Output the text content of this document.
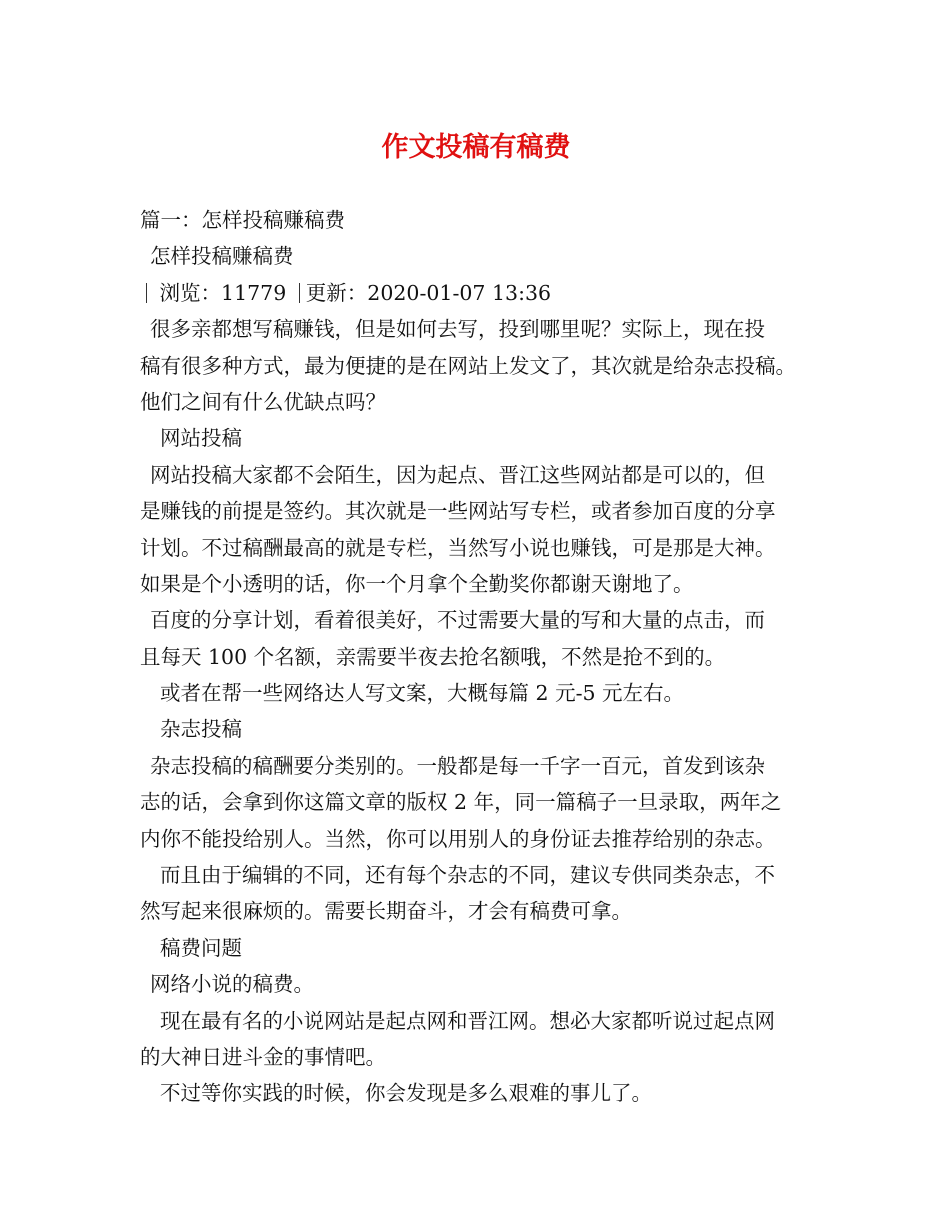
作文投稿有稿费
篇一：怎样投稿赚稿费
怎样投稿赚稿费
浏览：11779 更新：2020-01-07 13:36
很多亲都想写稿赚钱，但是如何去写，投到哪里呢？实际上，现在投
稿有很多种方式，最为便捷的是在网站上发文了，其次就是给杂志投稿。
他们之间有什么优缺点吗？
网站投稿
网站投稿大家都不会陌生，因为起点、晋江这些网站都是可以的，但
是赚钱的前提是签约。其次就是一些网站写专栏，或者参加百度的分享
计划。不过稿酬最高的就是专栏，当然写小说也赚钱，可是那是大神。
如果是个小透明的话，你一个月拿个全勤奖你都谢天谢地了。
百度的分享计划，看着很美好，不过需要大量的写和大量的点击，而
且每天 100 个名额，亲需要半夜去抢名额哦，不然是抢不到的。
或者在帮一些网络达人写文案，大概每篇 2 元-5 元左右。
杂志投稿
杂志投稿的稿酬要分类别的。一般都是每一千字一百元，首发到该杂
志的话，会拿到你这篇文章的版权 2 年，同一篇稿子一旦录取，两年之
内你不能投给别人。当然，你可以用别人的身份证去推荐给别的杂志。
而且由于编辑的不同，还有每个杂志的不同，建议专供同类杂志，不
然写起来很麻烦的。需要长期奋斗，才会有稿费可拿。
稿费问题
网络小说的稿费。
现在最有名的小说网站是起点网和晋江网。想必大家都听说过起点网
的大神日进斗金的事情吧。
不过等你实践的时候，你会发现是多么艰难的事儿了。
